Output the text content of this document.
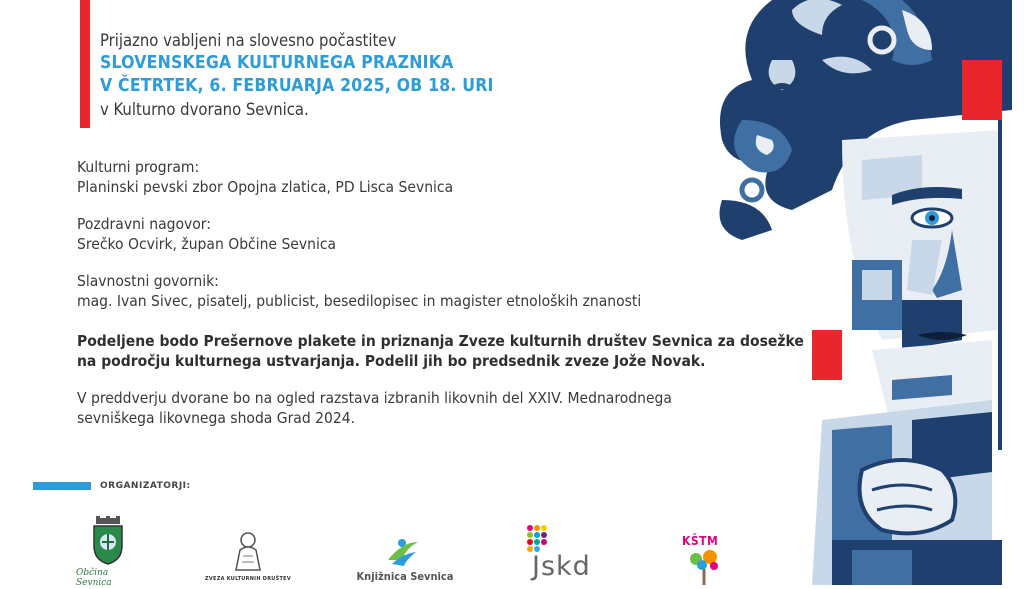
Prijazno vabljeni na slovesno počastitev
SLOVENSKEGA KULTURNEGA PRAZNIKA
V ČETRTEK, 6. FEBRUARJA 2025, OB 18. URI
v Kulturno dvorano Sevnica.
Kulturni program:
Planinski pevski zbor Opojna zlatica, PD Lisca Sevnica
Pozdravni nagovor:
Srečko Ocvirk, župan Občine Sevnica
Slavnostni govornik:
mag. Ivan Sivec, pisatelj, publicist, besedilopisec in magister etnoloških znanosti
Podeljene bodo Prešernove plakete in priznanja Zveze kulturnih društev Sevnica za dosežke
na področju kulturnega ustvarjanja. Podelil jih bo predsednik zveze Jože Novak.
V preddverju dvorane bo na ogled razstava izbranih likovnih del XXIV. Mednarodnega
sevniškega likovnega shoda Grad 2024.
ORGANIZATORJI:
Občina Sevnica	ZVEZA KULTURNIH DRUŠTEV	Knjižnica Sevnica	Jskd
KŠTM
